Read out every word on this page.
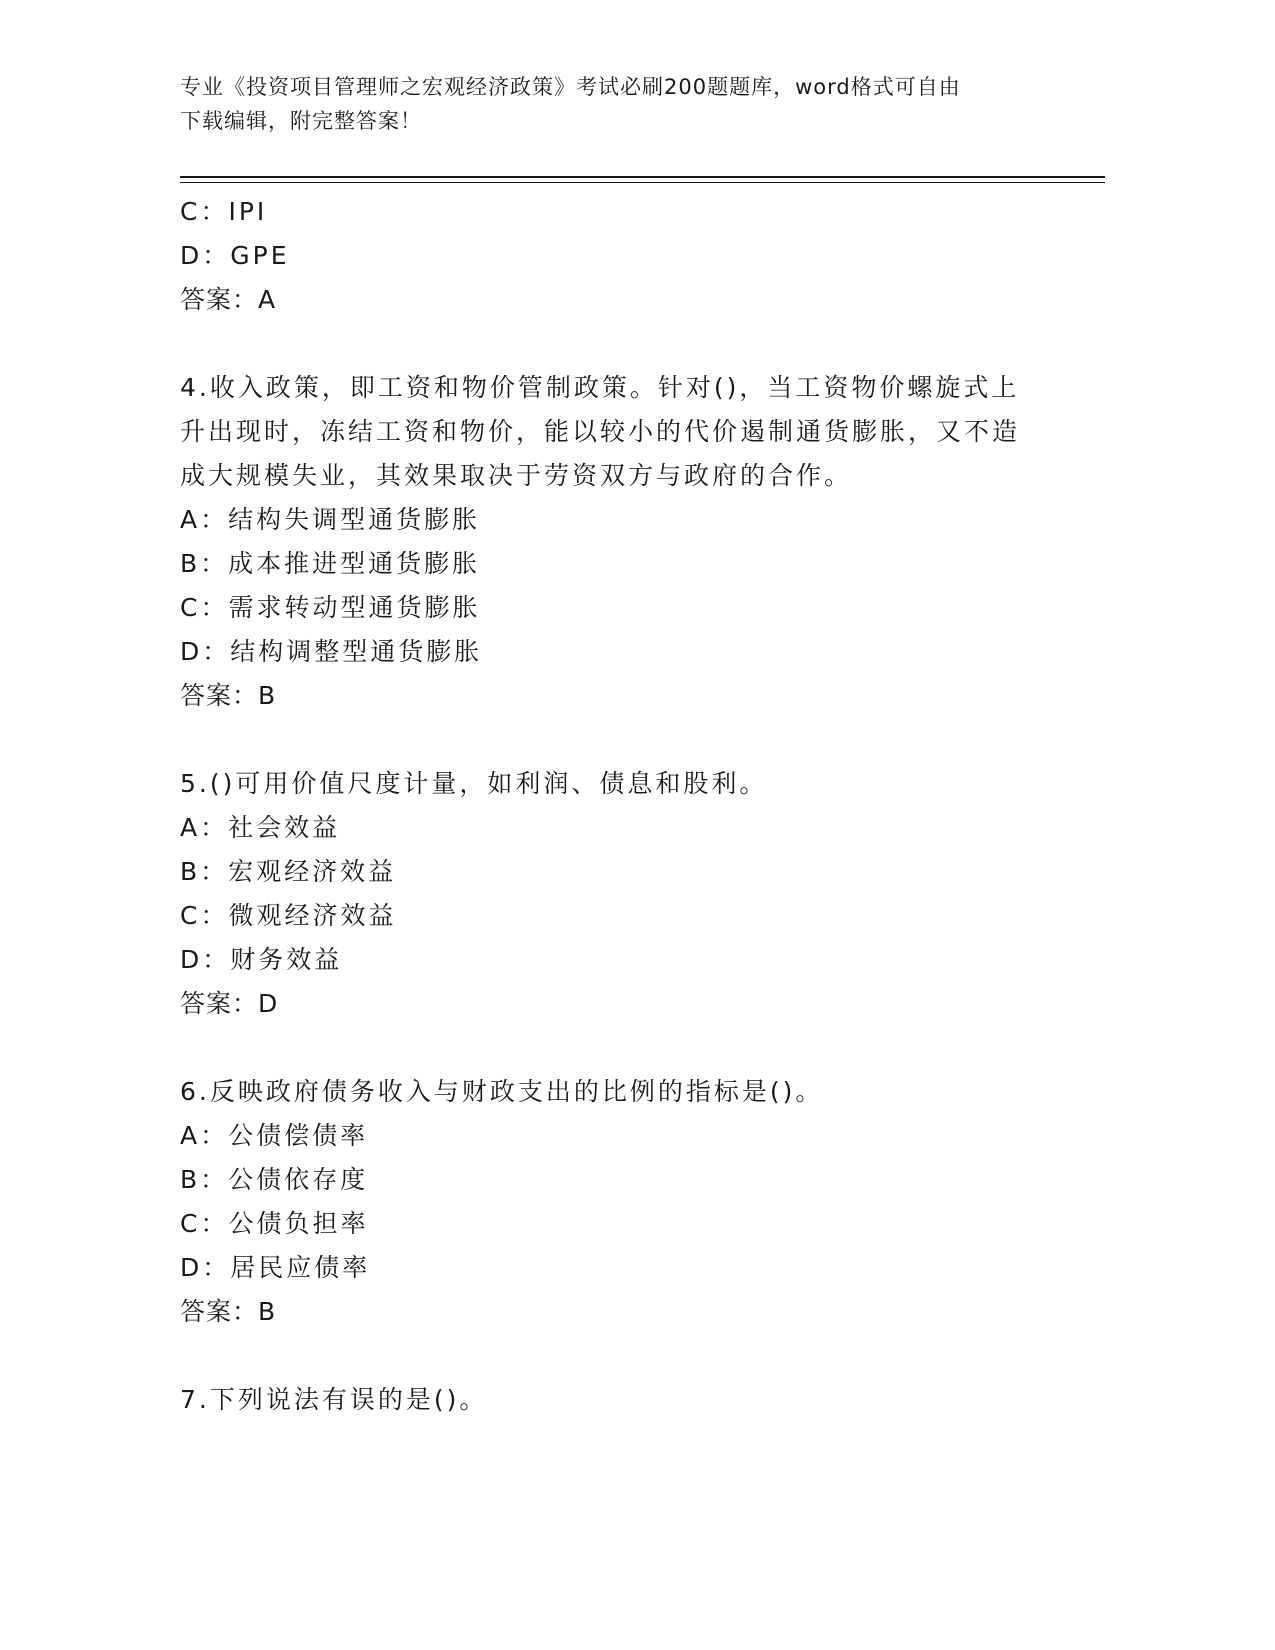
专业《投资项目管理师之宏观经济政策》考试必刷200题题库，word格式可自由
下载编辑，附完整答案！

C：IPI

D：GPE

答案：A

4.收入政策，即工资和物价管制政策。针对()，当工资物价螺旋式上

升出现时，冻结工资和物价，能以较小的代价遏制通货膨胀，又不造

成大规模失业，其效果取决于劳资双方与政府的合作。

A：结构失调型通货膨胀

B：成本推进型通货膨胀

C：需求转动型通货膨胀

D：结构调整型通货膨胀

答案：B

5.()可用价值尺度计量，如利润、债息和股利。

A：社会效益

B：宏观经济效益

C：微观经济效益

D：财务效益

答案：D

6.反映政府债务收入与财政支出的比例的指标是()。

A：公债偿债率

B：公债依存度

C：公债负担率

D：居民应债率

答案：B

7.下列说法有误的是()。
